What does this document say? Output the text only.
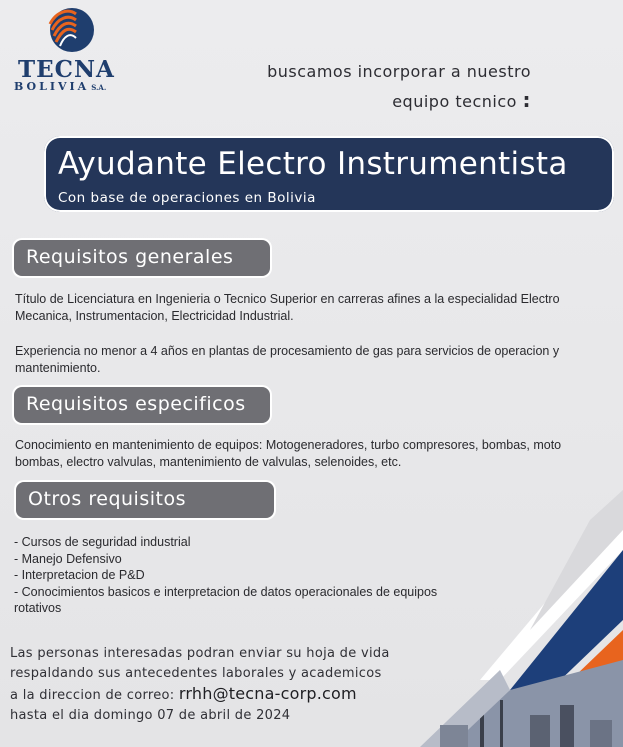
TECNA
BOLIVIA S.A.
buscamos incorporar a nuestro
equipo tecnico :
Ayudante Electro Instrumentista
Con base de operaciones en Bolivia
Requisitos generales
Título de Licenciatura en Ingenieria o Tecnico Superior en carreras afines a la especialidad Electro Mecanica, Instrumentacion, Electricidad Industrial.
Experiencia no menor a 4 años en plantas de procesamiento de gas para servicios de operacion y mantenimiento.
Requisitos especificos
Conocimiento en mantenimiento de equipos: Motogeneradores, turbo compresores, bombas, moto bombas, electro valvulas, mantenimiento de valvulas, selenoides, etc.
Otros requisitos
- Cursos de seguridad industrial
- Manejo Defensivo
- Interpretacion de P&D
- Conocimientos basicos e interpretacion de datos operacionales de equipos rotativos
Las personas interesadas podran enviar su hoja de vida
respaldando sus antecedentes laborales y academicos
a la direccion de correo: rrhh@tecna-corp.com
hasta el dia domingo 07 de abril de 2024
